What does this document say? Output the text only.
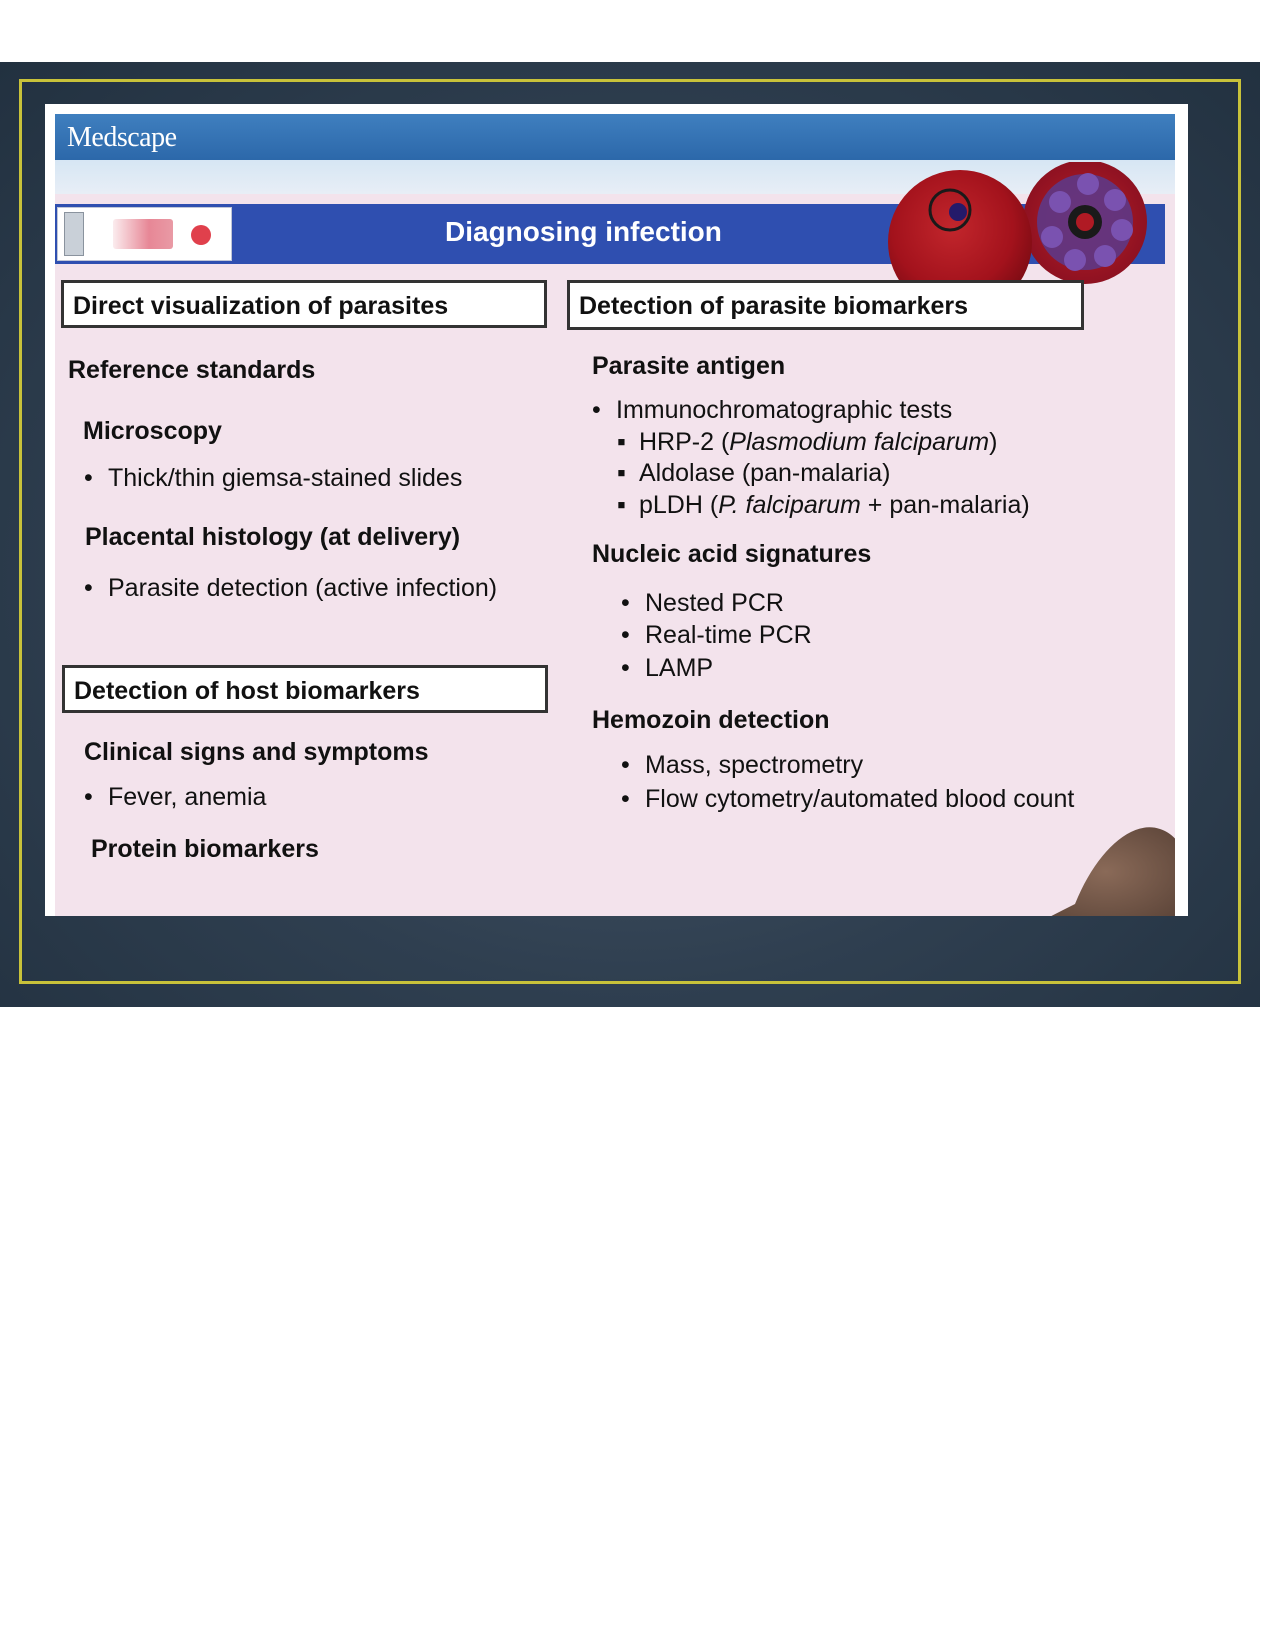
Medscape
Diagnosing infection
Direct visualization of parasites
Reference standards
Microscopy
• Thick/thin giemsa-stained slides
Placental histology (at delivery)
• Parasite detection (active infection)
Detection of host biomarkers
Clinical signs and symptoms
• Fever, anemia
Protein biomarkers
Detection of parasite biomarkers
Parasite antigen
• Immunochromatographic tests
▪ HRP-2 (Plasmodium falciparum)
▪ Aldolase (pan-malaria)
▪ pLDH (P. falciparum + pan-malaria)
Nucleic acid signatures
• Nested PCR
• Real-time PCR
• LAMP
Hemozoin detection
• Mass, spectrometry
• Flow cytometry/automated blood count
